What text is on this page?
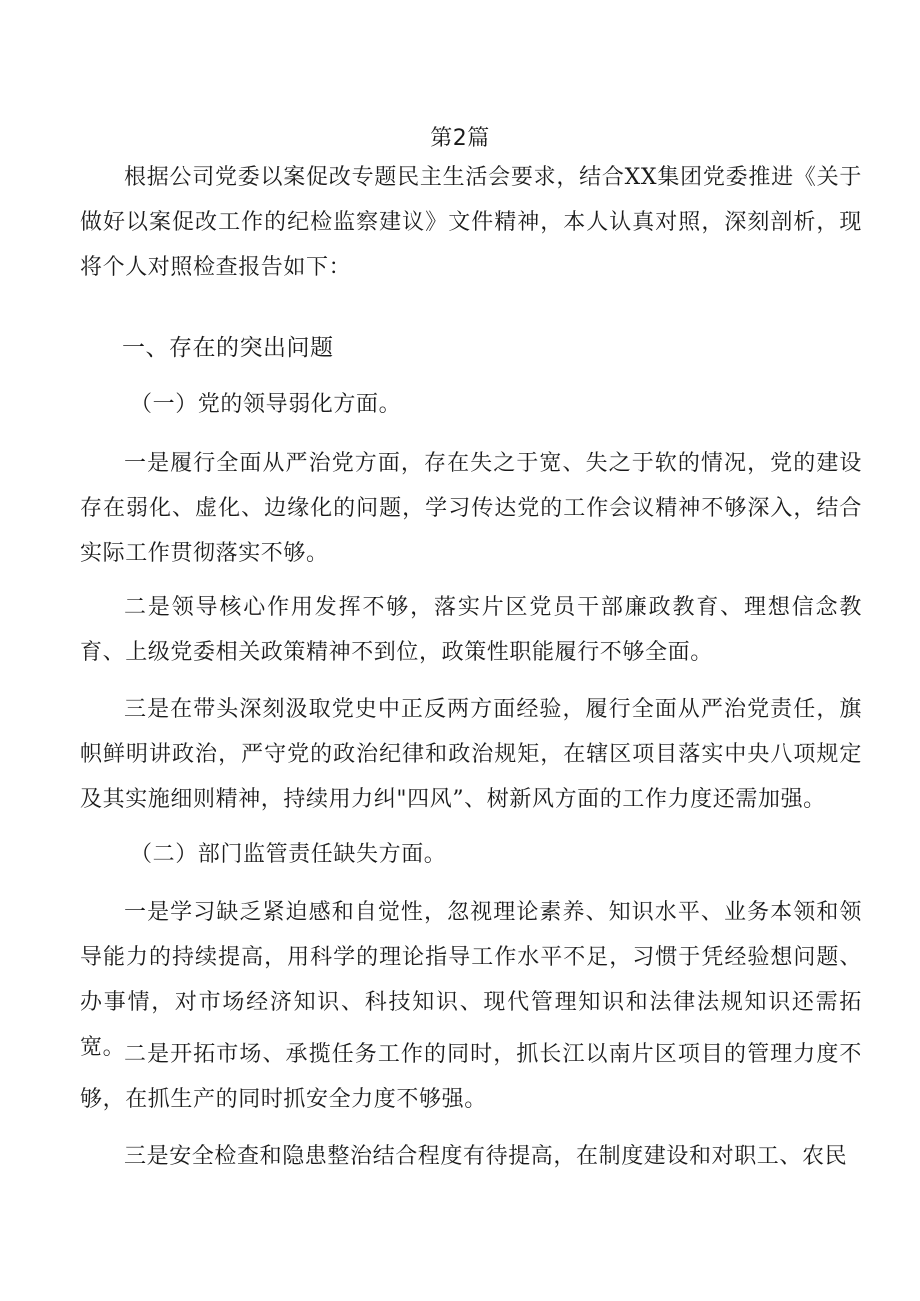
第2篇

根据公司党委以案促改专题民主生活会要求，结合XX集团党委推进《关于做好以案促改工作的纪检监察建议》文件精神，本人认真对照，深刻剖析，现将个人对照检查报告如下：

一、存在的突出问题
（一）党的领导弱化方面。

一是履行全面从严治党方面，存在失之于宽、失之于软的情况，党的建设存在弱化、虚化、边缘化的问题，学习传达党的工作会议精神不够深入，结合实际工作贯彻落实不够。

二是领导核心作用发挥不够，落实片区党员干部廉政教育、理想信念教育、上级党委相关政策精神不到位，政策性职能履行不够全面。

三是在带头深刻汲取党史中正反两方面经验，履行全面从严治党责任，旗帜鲜明讲政治，严守党的政治纪律和政治规矩，在辖区项目落实中央八项规定及其实施细则精神，持续用力纠"四风”、树新风方面的工作力度还需加强。

（二）部门监管责任缺失方面。

一是学习缺乏紧迫感和自觉性，忽视理论素养、知识水平、业务本领和领导能力的持续提高，用科学的理论指导工作水平不足，习惯于凭经验想问题、办事情，对市场经济知识、科技知识、现代管理知识和法律法规知识还需拓宽。

二是开拓市场、承揽任务工作的同时，抓长江以南片区项目的管理力度不够，在抓生产的同时抓安全力度不够强。

三是安全检查和隐患整治结合程度有待提高，在制度建设和对职工、农民
